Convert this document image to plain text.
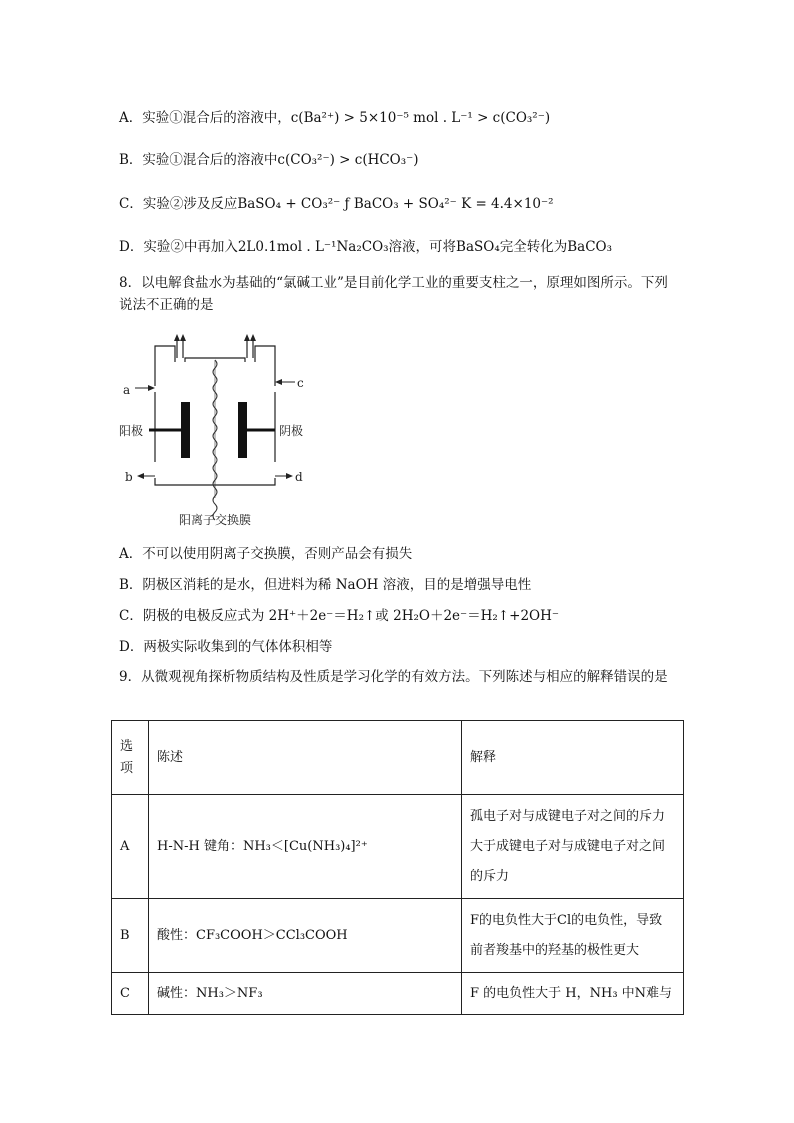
A．实验①混合后的溶液中，c(Ba²⁺) > 5×10⁻⁵ mol . L⁻¹ > c(CO₃²⁻)
B．实验①混合后的溶液中c(CO₃²⁻) > c(HCO₃⁻)
C．实验②涉及反应BaSO₄ + CO₃²⁻ ƒ BaCO₃ + SO₄²⁻ K = 4.4×10⁻²
D．实验②中再加入2L0.1mol . L⁻¹Na₂CO₃溶液，可将BaSO₄完全转化为BaCO₃
8．以电解食盐水为基础的“氯碱工业”是目前化学工业的重要支柱之一，原理如图所示。下列说法不正确的是
a	c
b	d
阳极	阴极
阳离子交换膜
A．不可以使用阴离子交换膜，否则产品会有损失
B．阴极区消耗的是水，但进料为稀 NaOH 溶液，目的是增强导电性
C．阴极的电极反应式为 2H⁺＋2e⁻＝H₂↑或 2H₂O＋2e⁻＝H₂↑+2OH⁻
D．两极实际收集到的气体体积相等
9．从微观视角探析物质结构及性质是学习化学的有效方法。下列陈述与相应的解释错误的是
选项	陈述	解释
A	H-N-H 键角：NH₃＜[Cu(NH₃)₄]²⁺	孤电子对与成键电子对之间的斥力大于成键电子对与成键电子对之间的斥力
B	酸性：CF₃COOH＞CCl₃COOH	F的电负性大于Cl的电负性，导致前者羧基中的羟基的极性更大
C	碱性：NH₃＞NF₃	F 的电负性大于 H，NH₃ 中N难与
